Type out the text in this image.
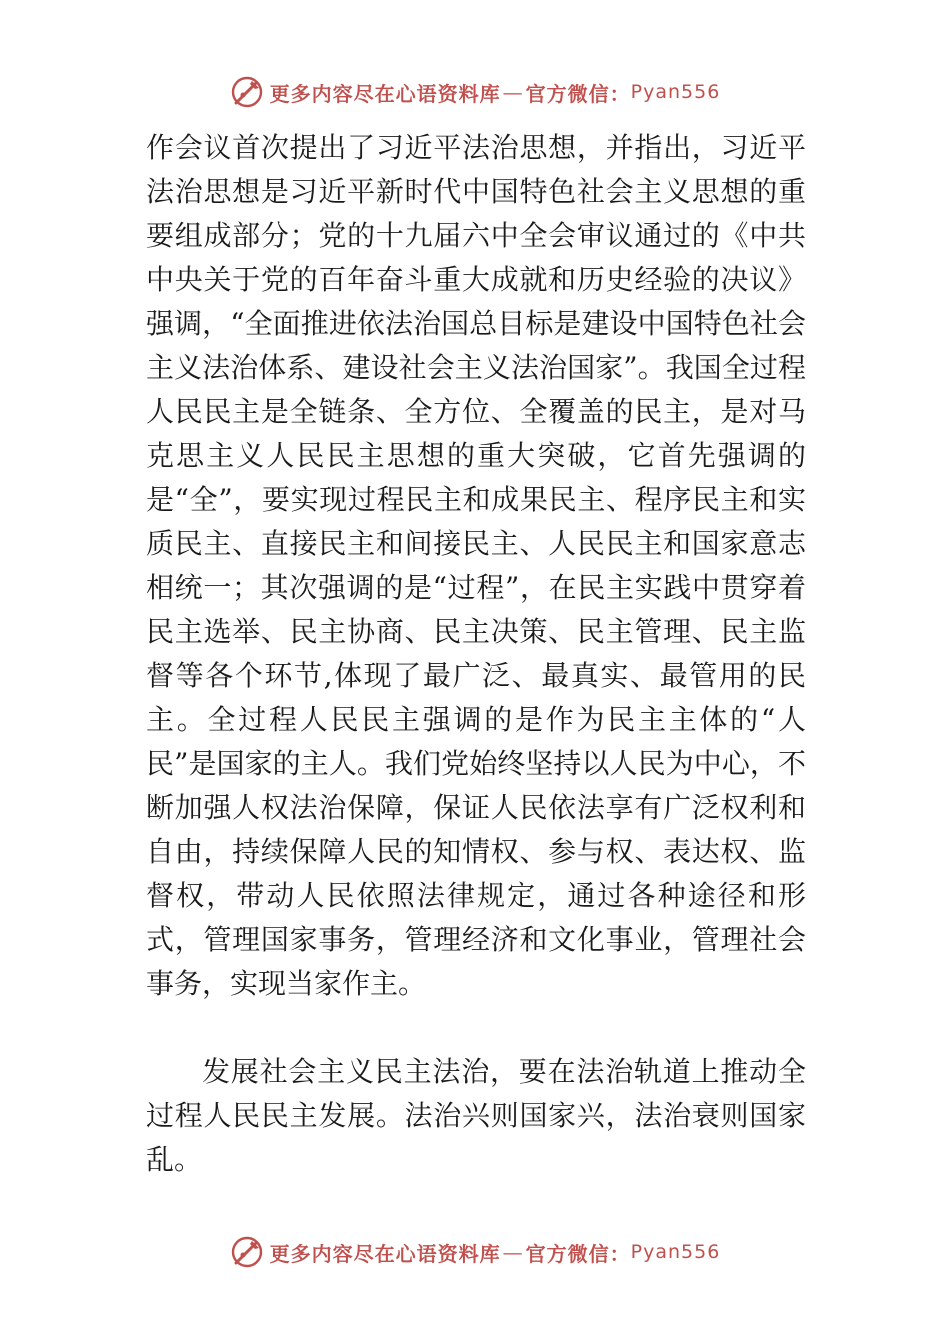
更多内容尽在心语资料库 — 官方微信： Pyan556

作会议首次提出了习近平法治思想，并指出，习近平法治思想是习近平新时代中国特色社会主义思想的重要组成部分；党的十九届六中全会审议通过的《中共中央关于党的百年奋斗重大成就和历史经验的决议》强调，“全面推进依法治国总目标是建设中国特色社会主义法治体系、建设社会主义法治国家”。我国全过程人民民主是全链条、全方位、全覆盖的民主，是对马克思主义人民民主思想的重大突破，它首先强调的是“全”，要实现过程民主和成果民主、程序民主和实质民主、直接民主和间接民主、人民民主和国家意志相统一；其次强调的是“过程”，在民主实践中贯穿着民主选举、民主协商、民主决策、民主管理、民主监督等各个环节,体现了最广泛、最真实、最管用的民主。全过程人民民主强调的是作为民主主体的“人民”是国家的主人。我们党始终坚持以人民为中心，不断加强人权法治保障，保证人民依法享有广泛权利和自由，持续保障人民的知情权、参与权、表达权、监督权，带动人民依照法律规定，通过各种途径和形式，管理国家事务，管理经济和文化事业，管理社会事务，实现当家作主。

发展社会主义民主法治，要在法治轨道上推动全过程人民民主发展。法治兴则国家兴，法治衰则国家乱。

更多内容尽在心语资料库 — 官方微信： Pyan556
